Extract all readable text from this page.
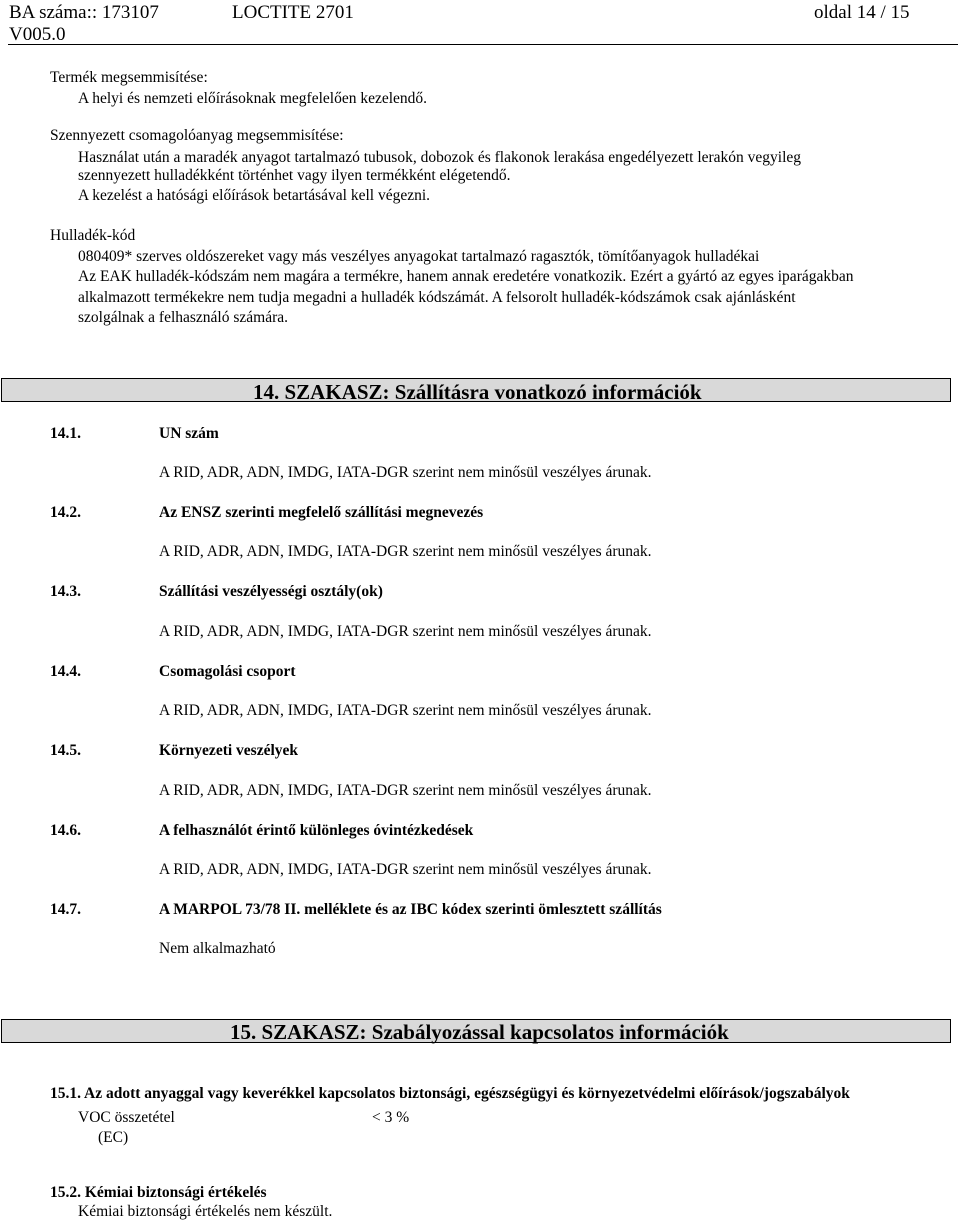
BA száma:: 173107	LOCTITE 2701	oldal 14 / 15
V005.0
Termék megsemmisítése:
A helyi és nemzeti előírásoknak megfelelően kezelendő.
Szennyezett csomagolóanyag megsemmisítése:
Használat után a maradék anyagot tartalmazó tubusok, dobozok és flakonok lerakása engedélyezett lerakón vegyileg
szennyezett hulladékként történhet vagy ilyen termékként elégetendő.
A kezelést a hatósági előírások betartásával kell végezni.
Hulladék-kód
080409* szerves oldószereket vagy más veszélyes anyagokat tartalmazó ragasztók, tömítőanyagok hulladékai
Az EAK hulladék-kódszám nem magára a termékre, hanem annak eredetére vonatkozik. Ezért a gyártó az egyes iparágakban
alkalmazott termékekre nem tudja megadni a hulladék kódszámát. A felsorolt hulladék-kódszámok csak ajánlásként
szolgálnak a felhasználó számára.
14. SZAKASZ: Szállításra vonatkozó információk
14.1.	UN szám
A RID, ADR, ADN, IMDG, IATA-DGR szerint nem minősül veszélyes árunak.
14.2.	Az ENSZ szerinti megfelelő szállítási megnevezés
A RID, ADR, ADN, IMDG, IATA-DGR szerint nem minősül veszélyes árunak.
14.3.	Szállítási veszélyességi osztály(ok)
A RID, ADR, ADN, IMDG, IATA-DGR szerint nem minősül veszélyes árunak.
14.4.	Csomagolási csoport
A RID, ADR, ADN, IMDG, IATA-DGR szerint nem minősül veszélyes árunak.
14.5.	Környezeti veszélyek
A RID, ADR, ADN, IMDG, IATA-DGR szerint nem minősül veszélyes árunak.
14.6.	A felhasználót érintő különleges óvintézkedések
A RID, ADR, ADN, IMDG, IATA-DGR szerint nem minősül veszélyes árunak.
14.7.	A MARPOL 73/78 II. melléklete és az IBC kódex szerinti ömlesztett szállítás
Nem alkalmazható
15. SZAKASZ: Szabályozással kapcsolatos információk
15.1. Az adott anyaggal vagy keverékkel kapcsolatos biztonsági, egészségügyi és környezetvédelmi előírások/jogszabályok
VOC összetétel
(EC)
< 3 %
15.2. Kémiai biztonsági értékelés
Kémiai biztonsági értékelés nem készült.
